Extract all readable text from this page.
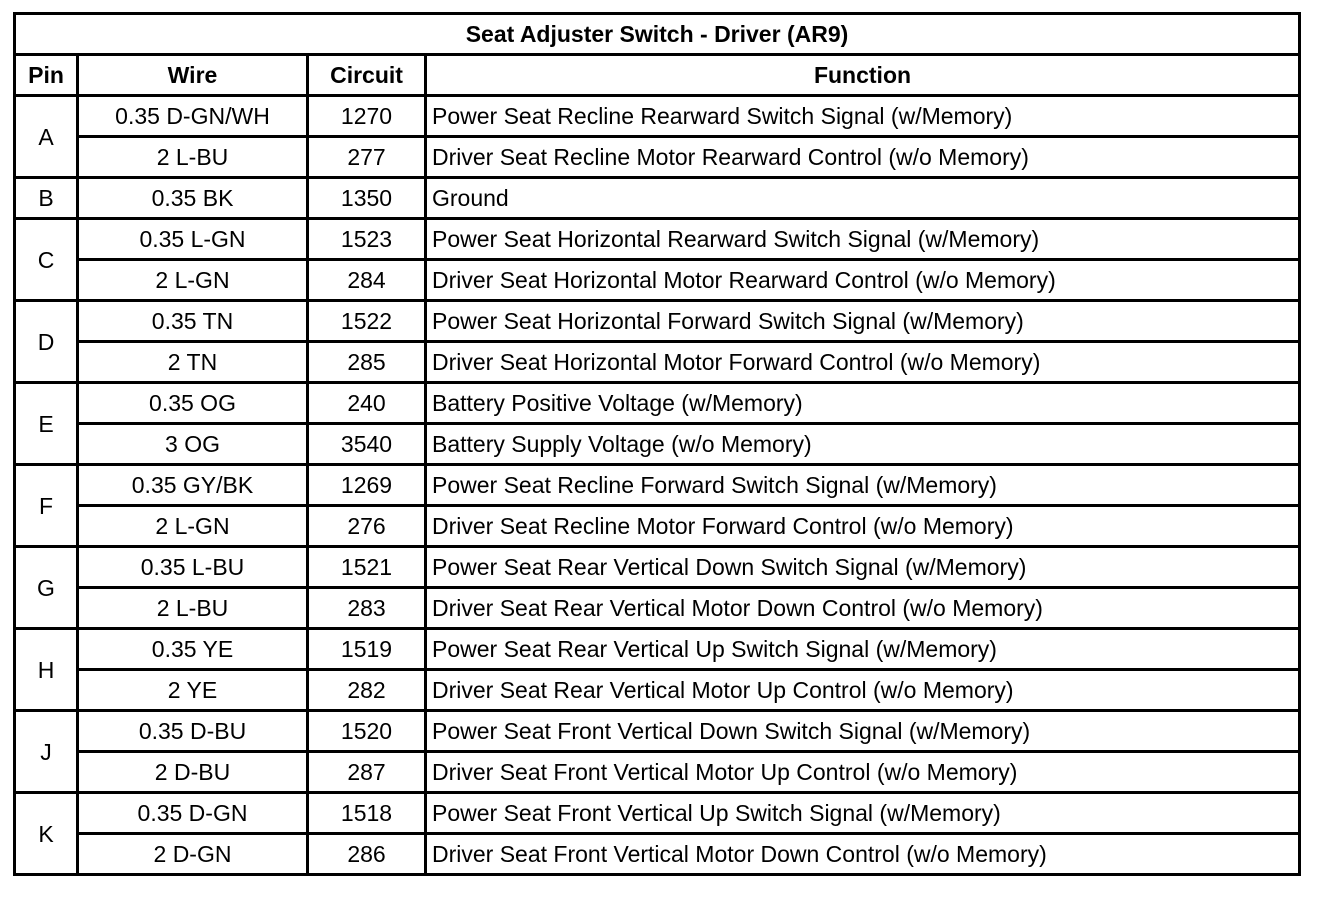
Seat Adjuster Switch - Driver (AR9)			
Pin	Wire	Circuit	Function
A	0.35 D-GN/WH	1270	Power Seat Recline Rearward Switch Signal (w/Memory)
	2 L-BU	277	Driver Seat Recline Motor Rearward Control (w/o Memory)
B	0.35 BK	1350	Ground
C	0.35 L-GN	1523	Power Seat Horizontal Rearward Switch Signal (w/Memory)
	2 L-GN	284	Driver Seat Horizontal Motor Rearward Control (w/o Memory)
D	0.35 TN	1522	Power Seat Horizontal Forward Switch Signal (w/Memory)
	2 TN	285	Driver Seat Horizontal Motor Forward Control (w/o Memory)
E	0.35 OG	240	Battery Positive Voltage (w/Memory)
	3 OG	3540	Battery Supply Voltage (w/o Memory)
F	0.35 GY/BK	1269	Power Seat Recline Forward Switch Signal (w/Memory)
	2 L-GN	276	Driver Seat Recline Motor Forward Control (w/o Memory)
G	0.35 L-BU	1521	Power Seat Rear Vertical Down Switch Signal (w/Memory)
	2 L-BU	283	Driver Seat Rear Vertical Motor Down Control (w/o Memory)
H	0.35 YE	1519	Power Seat Rear Vertical Up Switch Signal (w/Memory)
	2 YE	282	Driver Seat Rear Vertical Motor Up Control (w/o Memory)
J	0.35 D-BU	1520	Power Seat Front Vertical Down Switch Signal (w/Memory)
	2 D-BU	287	Driver Seat Front Vertical Motor Up Control (w/o Memory)
K	0.35 D-GN	1518	Power Seat Front Vertical Up Switch Signal (w/Memory)
	2 D-GN	286	Driver Seat Front Vertical Motor Down Control (w/o Memory)
